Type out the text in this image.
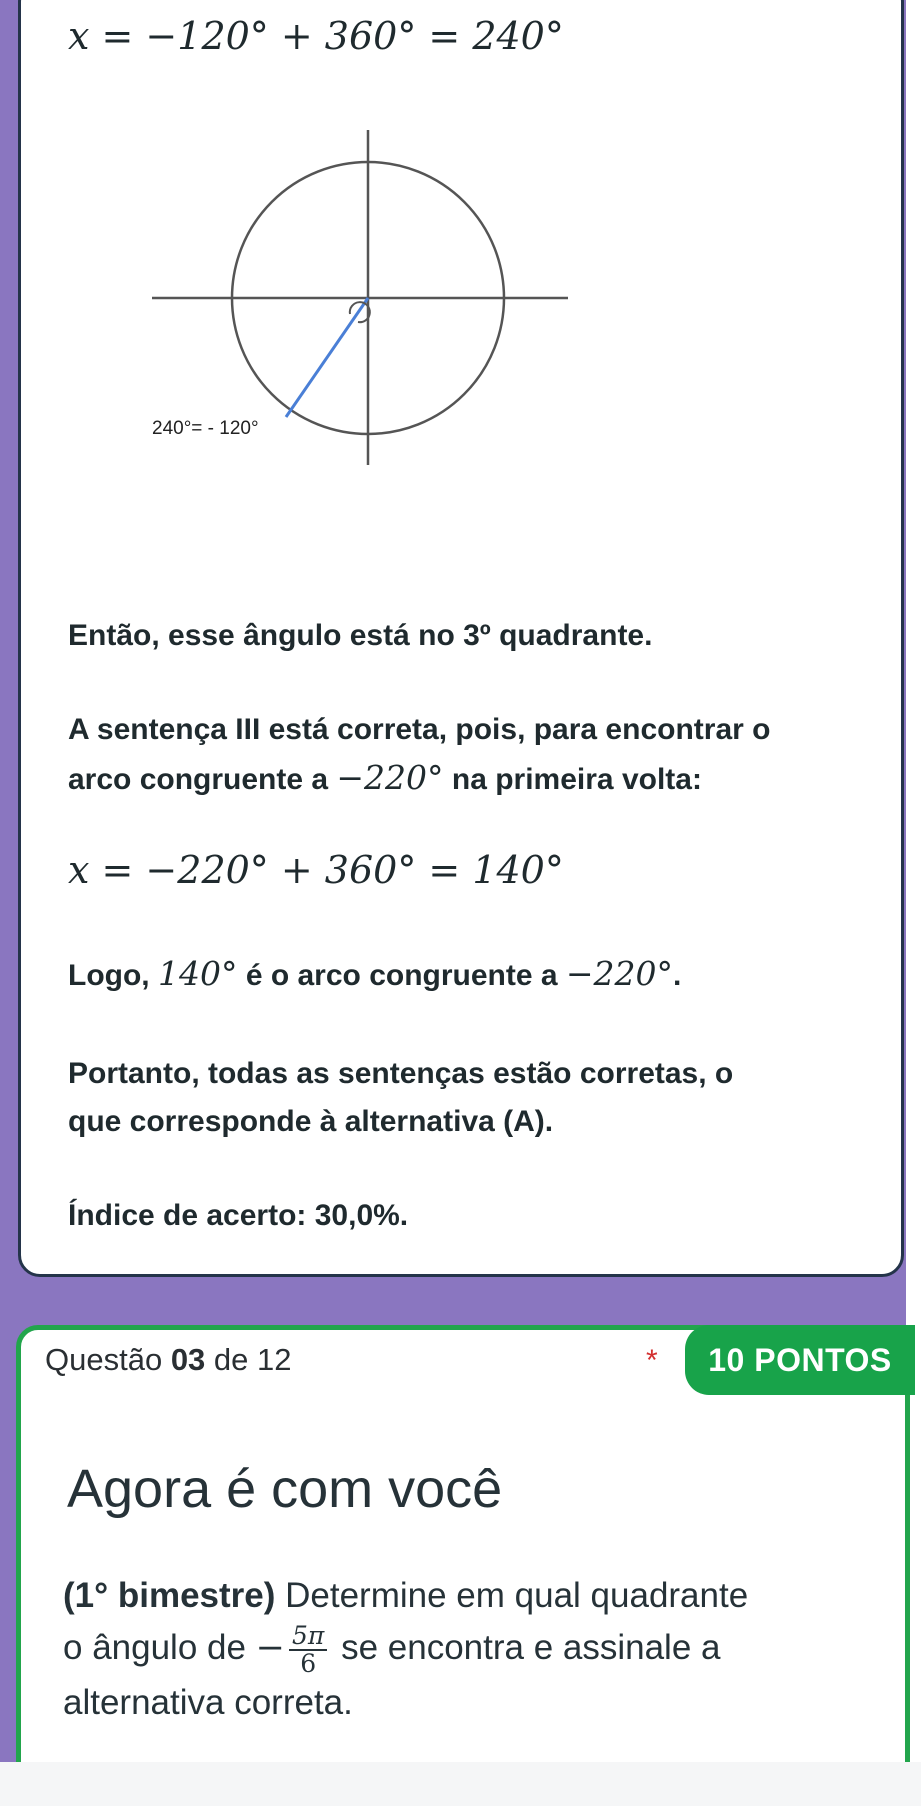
x = −120° + 360° = 240°
240°= - 120°
Então, esse ângulo está no 3º quadrante.
A sentença III está correta, pois, para encontrar o
arco congruente a −220° na primeira volta:
x = −220° + 360° = 140°
Logo, 140° é o arco congruente a −220°.
Portanto, todas as sentenças estão corretas, o
que corresponde à alternativa (A).
Índice de acerto: 30,0%.
Questão 03 de 12	*	10 PONTOS
Agora é com você
(1° bimestre) Determine em qual quadrante
o ângulo de − $\frac{5\pi}{6}$ se encontra e assinale a
alternativa correta.
